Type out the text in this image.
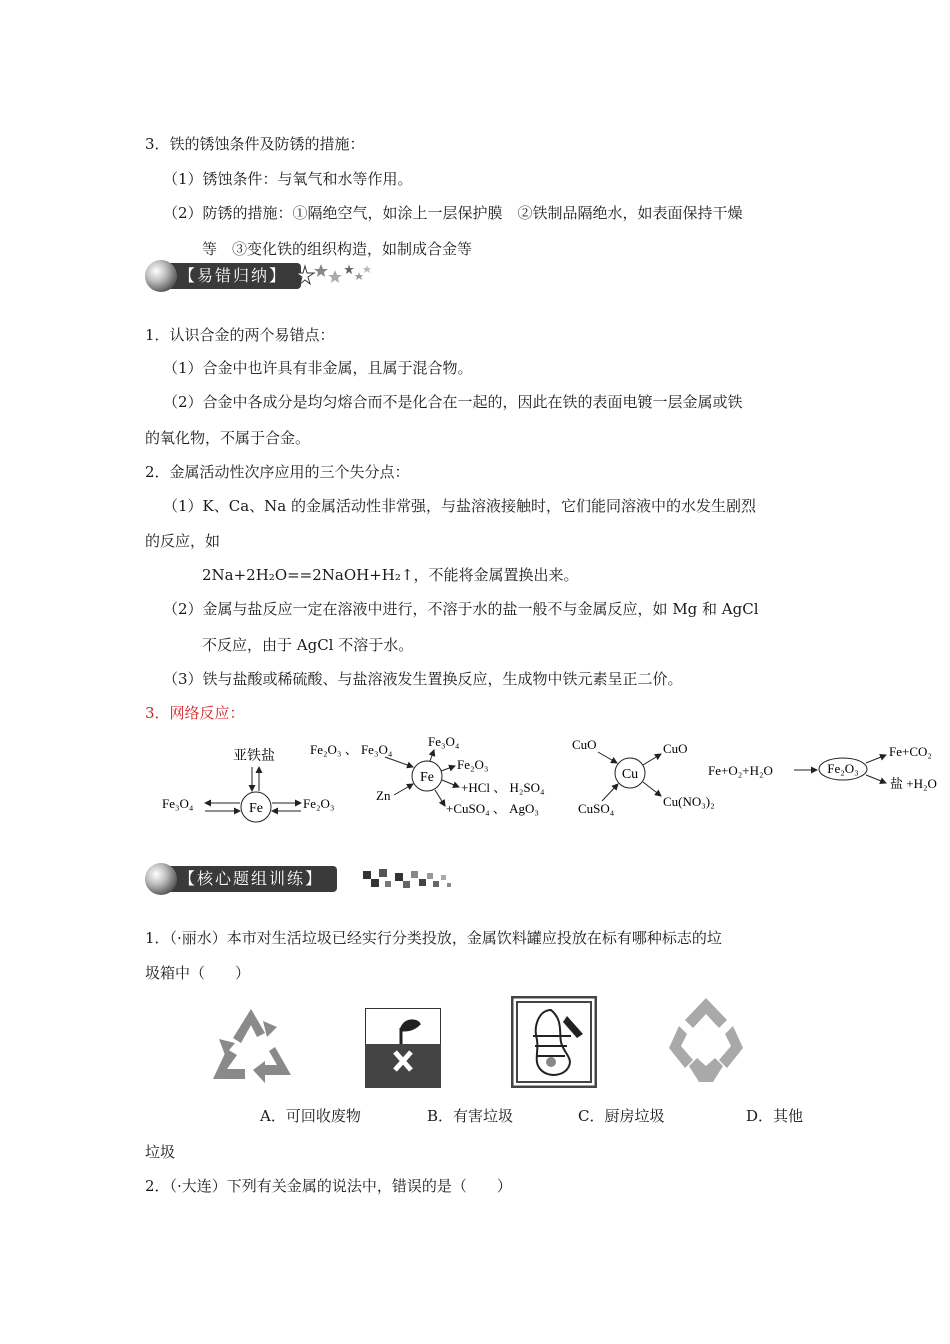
3．铁的锈蚀条件及防锈的措施：
（1）锈蚀条件：与氧气和水等作用。
（2）防锈的措施：①隔绝空气，如涂上一层保护膜　②铁制品隔绝水，如表面保持干燥
等　③变化铁的组织构造，如制成合金等
【易错归纳】
1．认识合金的两个易错点：
（1）合金中也许具有非金属，且属于混合物。
（2）合金中各成分是均匀熔合而不是化合在一起的，因此在铁的表面电镀一层金属或铁
的氧化物，不属于合金。
2．金属活动性次序应用的三个失分点：
（1）K、Ca、Na 的金属活动性非常强，与盐溶液接触时，它们能同溶液中的水发生剧烈
的反应，如
2Na+2H₂O==2NaOH+H₂↑，不能将金属置换出来。
（2）金属与盐反应一定在溶液中进行，不溶于水的盐一般不与金属反应，如 Mg 和 AgCl
不反应，由于 AgCl 不溶于水。
（3）铁与盐酸或稀硫酸、与盐溶液发生置换反应，生成物中铁元素呈正二价。
3．网络反应：
Fe
亚铁盐
Fe₃O₄	Fe₂O₃
Fe
Fe₂O₃ 、 Fe₃O₄
Fe₃O₄
Fe₂O₃
+HCl 、 H₂SO₄
+CuSO₄ 、 AgO₃
Zn
Cu
CuO	CuO
CuSO₄	Cu(NO₃)₂
Fe+O₂+H₂O	Fe₂O₃
Fe+CO₂
盐 +H₂O
【核心题组训练】
1．（·丽水）本市对生活垃圾已经实行分类投放，金属饮料罐应投放在标有哪种标志的垃
圾箱中（　　）
A．可回收废物	B．有害垃圾	C．厨房垃圾	D．其他
垃圾
2．（·大连）下列有关金属的说法中，错误的是（　　）
